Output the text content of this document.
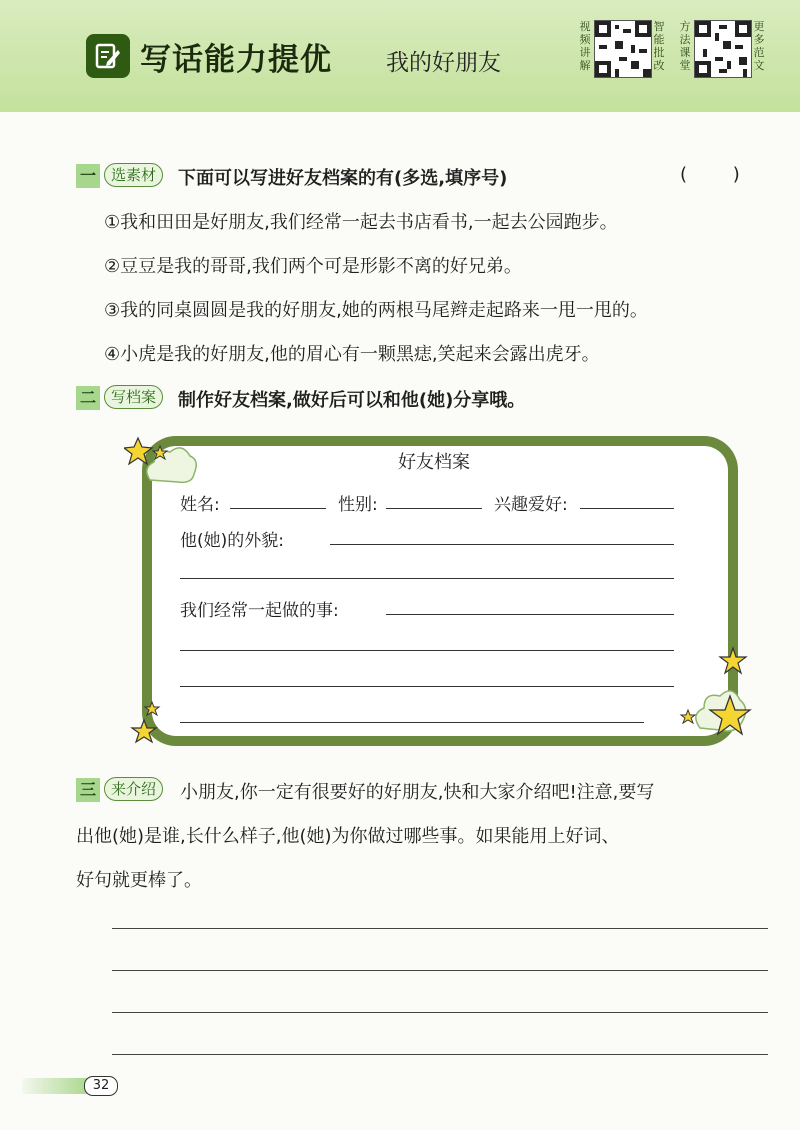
写话能力提优 我的好朋友
视频讲解
智能批改
方法课堂
更多范文
一	选素材	下面可以写进好友档案的有(多选,填序号)	(        )
①我和田田是好朋友,我们经常一起去书店看书,一起去公园跑步。
②豆豆是我的哥哥,我们两个可是形影不离的好兄弟。
③我的同桌圆圆是我的好朋友,她的两根马尾辫走起路来一甩一甩的。
④小虎是我的好朋友,他的眉心有一颗黑痣,笑起来会露出虎牙。
二	写档案	制作好友档案,做好后可以和他(她)分享哦。
好友档案
姓名:	性别:	兴趣爱好:
他(她)的外貌:
我们经常一起做的事:
三	来介绍	小朋友,你一定有很要好的好朋友,快和大家介绍吧!注意,要写
出他(她)是谁,长什么样子,他(她)为你做过哪些事。如果能用上好词、
好句就更棒了。
32
